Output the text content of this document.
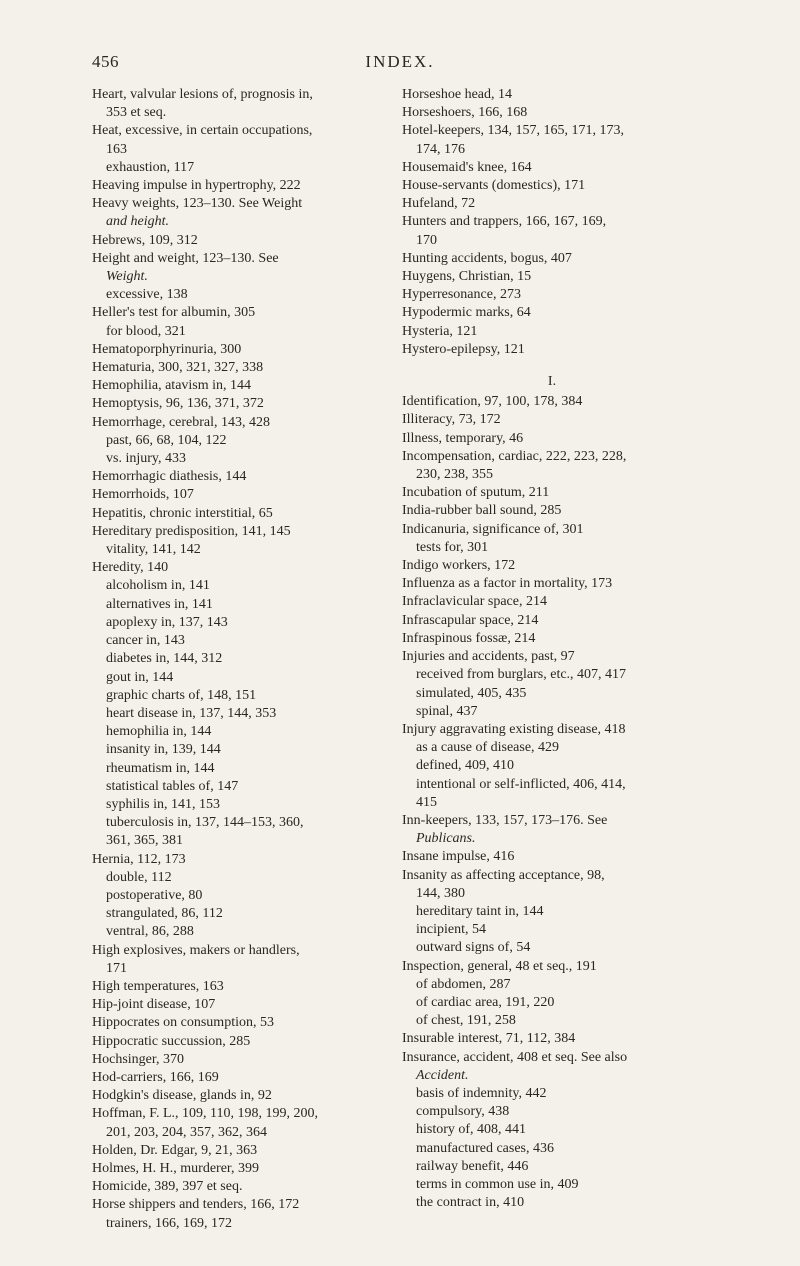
456	INDEX.
Heart, valvular lesions of, prognosis in,
353 et seq.
Heat, excessive, in certain occupations,
163
exhaustion, 117
Heaving impulse in hypertrophy, 222
Heavy weights, 123–130. See Weight
and height.
Hebrews, 109, 312
Height and weight, 123–130. See
Weight.
excessive, 138
Heller's test for albumin, 305
for blood, 321
Hematoporphyrinuria, 300
Hematuria, 300, 321, 327, 338
Hemophilia, atavism in, 144
Hemoptysis, 96, 136, 371, 372
Hemorrhage, cerebral, 143, 428
past, 66, 68, 104, 122
vs. injury, 433
Hemorrhagic diathesis, 144
Hemorrhoids, 107
Hepatitis, chronic interstitial, 65
Hereditary predisposition, 141, 145
vitality, 141, 142
Heredity, 140
alcoholism in, 141
alternatives in, 141
apoplexy in, 137, 143
cancer in, 143
diabetes in, 144, 312
gout in, 144
graphic charts of, 148, 151
heart disease in, 137, 144, 353
hemophilia in, 144
insanity in, 139, 144
rheumatism in, 144
statistical tables of, 147
syphilis in, 141, 153
tuberculosis in, 137, 144–153, 360,
361, 365, 381
Hernia, 112, 173
double, 112
postoperative, 80
strangulated, 86, 112
ventral, 86, 288
High explosives, makers or handlers,
171
High temperatures, 163
Hip-joint disease, 107
Hippocrates on consumption, 53
Hippocratic succussion, 285
Hochsinger, 370
Hod-carriers, 166, 169
Hodgkin's disease, glands in, 92
Hoffman, F. L., 109, 110, 198, 199, 200,
201, 203, 204, 357, 362, 364
Holden, Dr. Edgar, 9, 21, 363
Holmes, H. H., murderer, 399
Homicide, 389, 397 et seq.
Horse shippers and tenders, 166, 172
trainers, 166, 169, 172
Horseshoe head, 14
Horseshoers, 166, 168
Hotel-keepers, 134, 157, 165, 171, 173,
174, 176
Housemaid's knee, 164
House-servants (domestics), 171
Hufeland, 72
Hunters and trappers, 166, 167, 169,
170
Hunting accidents, bogus, 407
Huygens, Christian, 15
Hyperresonance, 273
Hypodermic marks, 64
Hysteria, 121
Hystero-epilepsy, 121
I.
Identification, 97, 100, 178, 384
Illiteracy, 73, 172
Illness, temporary, 46
Incompensation, cardiac, 222, 223, 228,
230, 238, 355
Incubation of sputum, 211
India-rubber ball sound, 285
Indicanuria, significance of, 301
tests for, 301
Indigo workers, 172
Influenza as a factor in mortality, 173
Infraclavicular space, 214
Infrascapular space, 214
Infraspinous fossæ, 214
Injuries and accidents, past, 97
received from burglars, etc., 407, 417
simulated, 405, 435
spinal, 437
Injury aggravating existing disease, 418
as a cause of disease, 429
defined, 409, 410
intentional or self-inflicted, 406, 414,
415
Inn-keepers, 133, 157, 173–176. See
Publicans.
Insane impulse, 416
Insanity as affecting acceptance, 98,
144, 380
hereditary taint in, 144
incipient, 54
outward signs of, 54
Inspection, general, 48 et seq., 191
of abdomen, 287
of cardiac area, 191, 220
of chest, 191, 258
Insurable interest, 71, 112, 384
Insurance, accident, 408 et seq. See also
Accident.
basis of indemnity, 442
compulsory, 438
history of, 408, 441
manufactured cases, 436
railway benefit, 446
terms in common use in, 409
the contract in, 410
